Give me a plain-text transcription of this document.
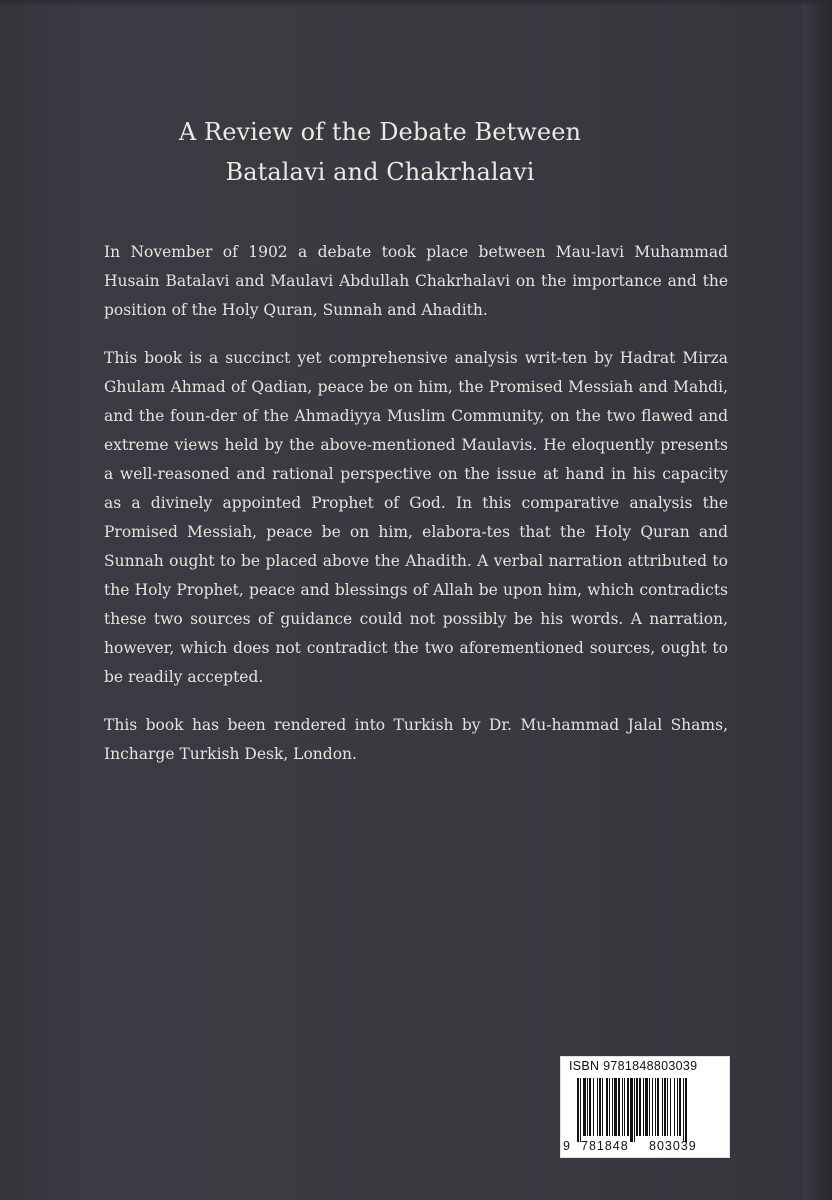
A Review of the Debate Between
Batalavi and Chakrhalavi

In November of 1902 a debate took place between Mau-lavi Muhammad Husain Batalavi and Maulavi Abdullah Chakrhalavi on the importance and the position of the Holy Quran, Sunnah and Ahadith.

This book is a succinct yet comprehensive analysis writ-ten by Hadrat Mirza Ghulam Ahmad of Qadian, peace be on him, the Promised Messiah and Mahdi, and the foun-der of the Ahmadiyya Muslim Community, on the two flawed and extreme views held by the above-mentioned Maulavis. He eloquently presents a well-reasoned and rational perspective on the issue at hand in his capacity as a divinely appointed Prophet of God. In this comparative analysis the Promised Messiah, peace be on him, elabora-tes that the Holy Quran and Sunnah ought to be placed above the Ahadith. A verbal narration attributed to the Holy Prophet, peace and blessings of Allah be upon him, which contradicts these two sources of guidance could not possibly be his words. A narration, however, which does not contradict the two aforementioned sources, ought to be readily accepted.

This book has been rendered into Turkish by Dr. Mu-hammad Jalal Shams, Incharge Turkish Desk, London.

ISBN 9781848803039
9 781848 803039
